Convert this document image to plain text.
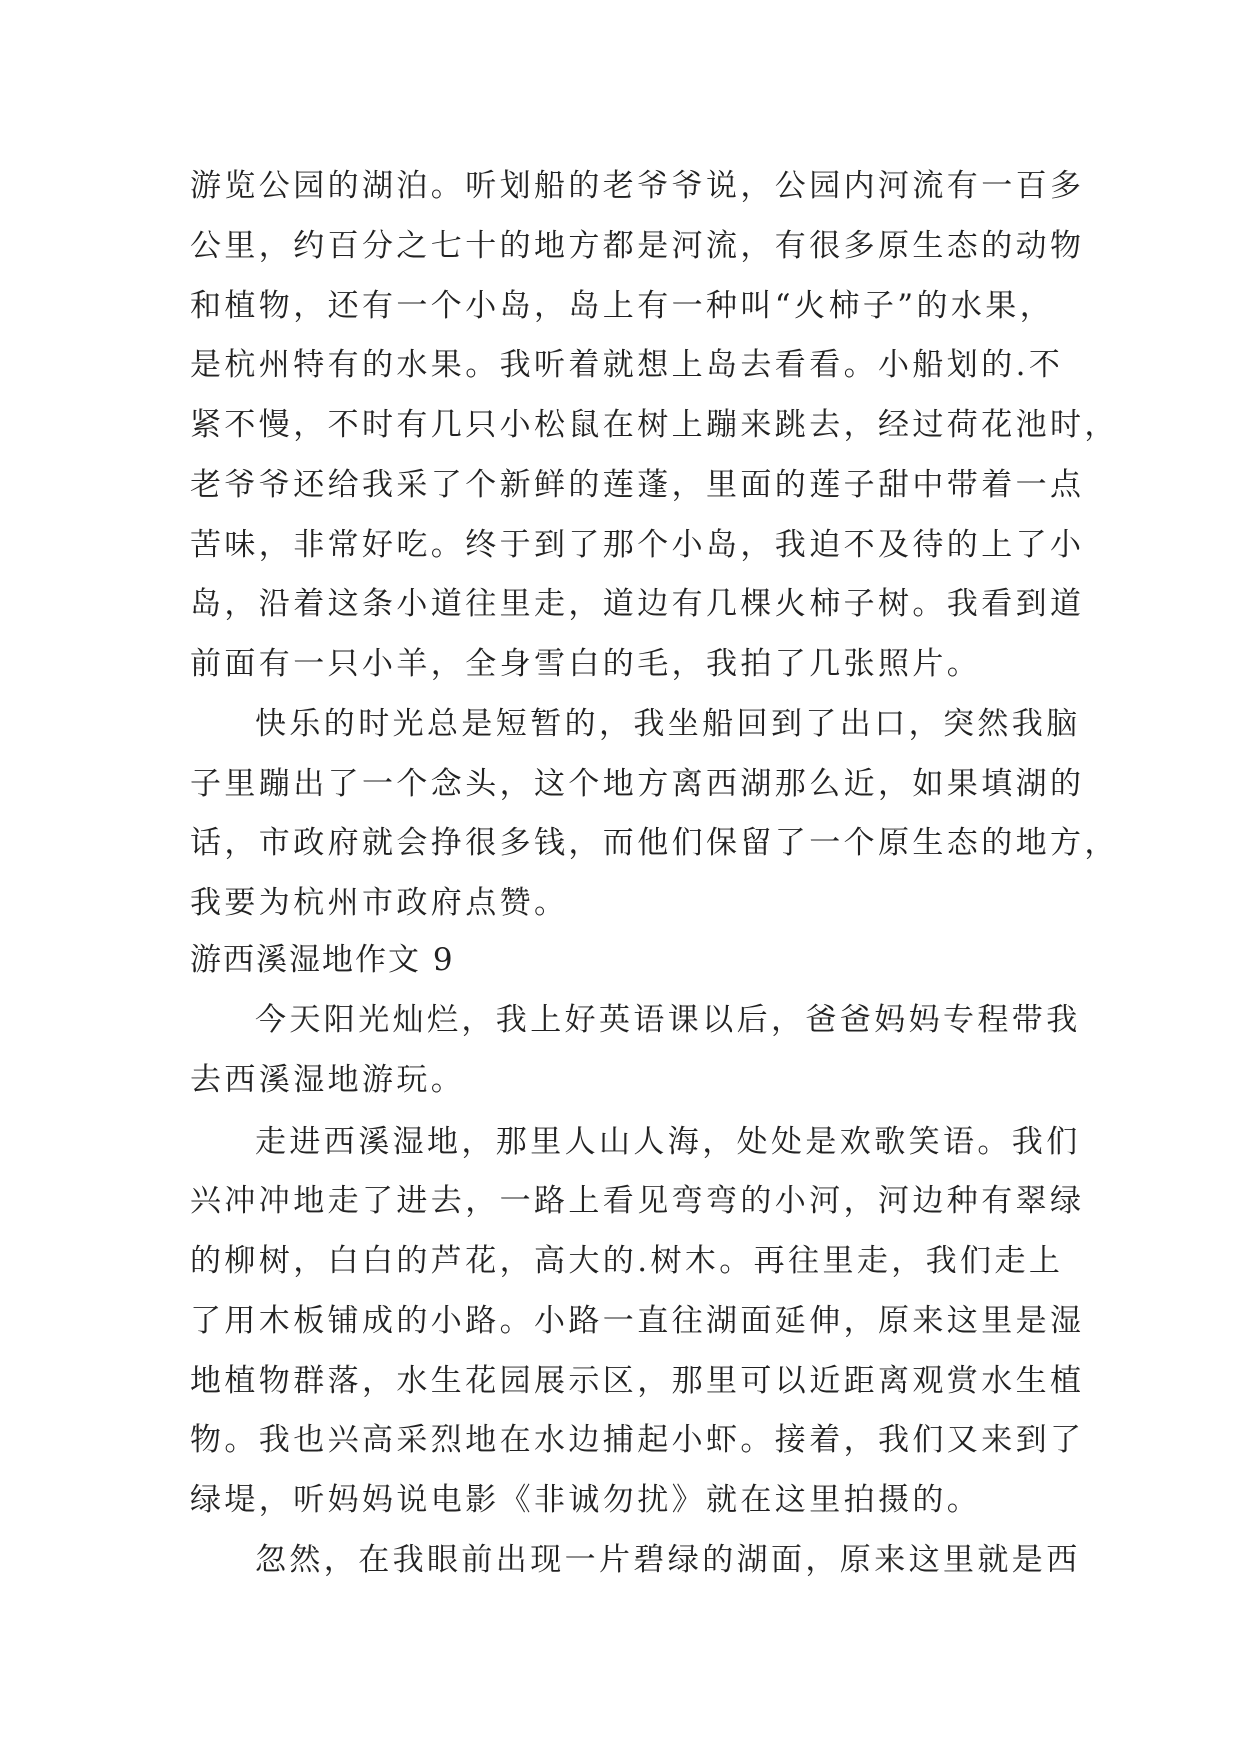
游览公园的湖泊。听划船的老爷爷说，公园内河流有一百多

公里，约百分之七十的地方都是河流，有很多原生态的动物

和植物，还有一个小岛，岛上有一种叫“火柿子”的水果，

是杭州特有的水果。我听着就想上岛去看看。小船划的.不

紧不慢，不时有几只小松鼠在树上蹦来跳去，经过荷花池时，

老爷爷还给我采了个新鲜的莲蓬，里面的莲子甜中带着一点

苦味，非常好吃。终于到了那个小岛，我迫不及待的上了小

岛，沿着这条小道往里走，道边有几棵火柿子树。我看到道

前面有一只小羊，全身雪白的毛，我拍了几张照片。

快乐的时光总是短暂的，我坐船回到了出口，突然我脑

子里蹦出了一个念头，这个地方离西湖那么近，如果填湖的

话，市政府就会挣很多钱，而他们保留了一个原生态的地方，

我要为杭州市政府点赞。

游西溪湿地作文 9

今天阳光灿烂，我上好英语课以后，爸爸妈妈专程带我

去西溪湿地游玩。

走进西溪湿地，那里人山人海，处处是欢歌笑语。我们

兴冲冲地走了进去，一路上看见弯弯的小河，河边种有翠绿

的柳树，白白的芦花，高大的.树木。再往里走，我们走上

了用木板铺成的小路。小路一直往湖面延伸，原来这里是湿

地植物群落，水生花园展示区，那里可以近距离观赏水生植

物。我也兴高采烈地在水边捕起小虾。接着，我们又来到了

绿堤，听妈妈说电影《非诚勿扰》就在这里拍摄的。

忽然，在我眼前出现一片碧绿的湖面，原来这里就是西
